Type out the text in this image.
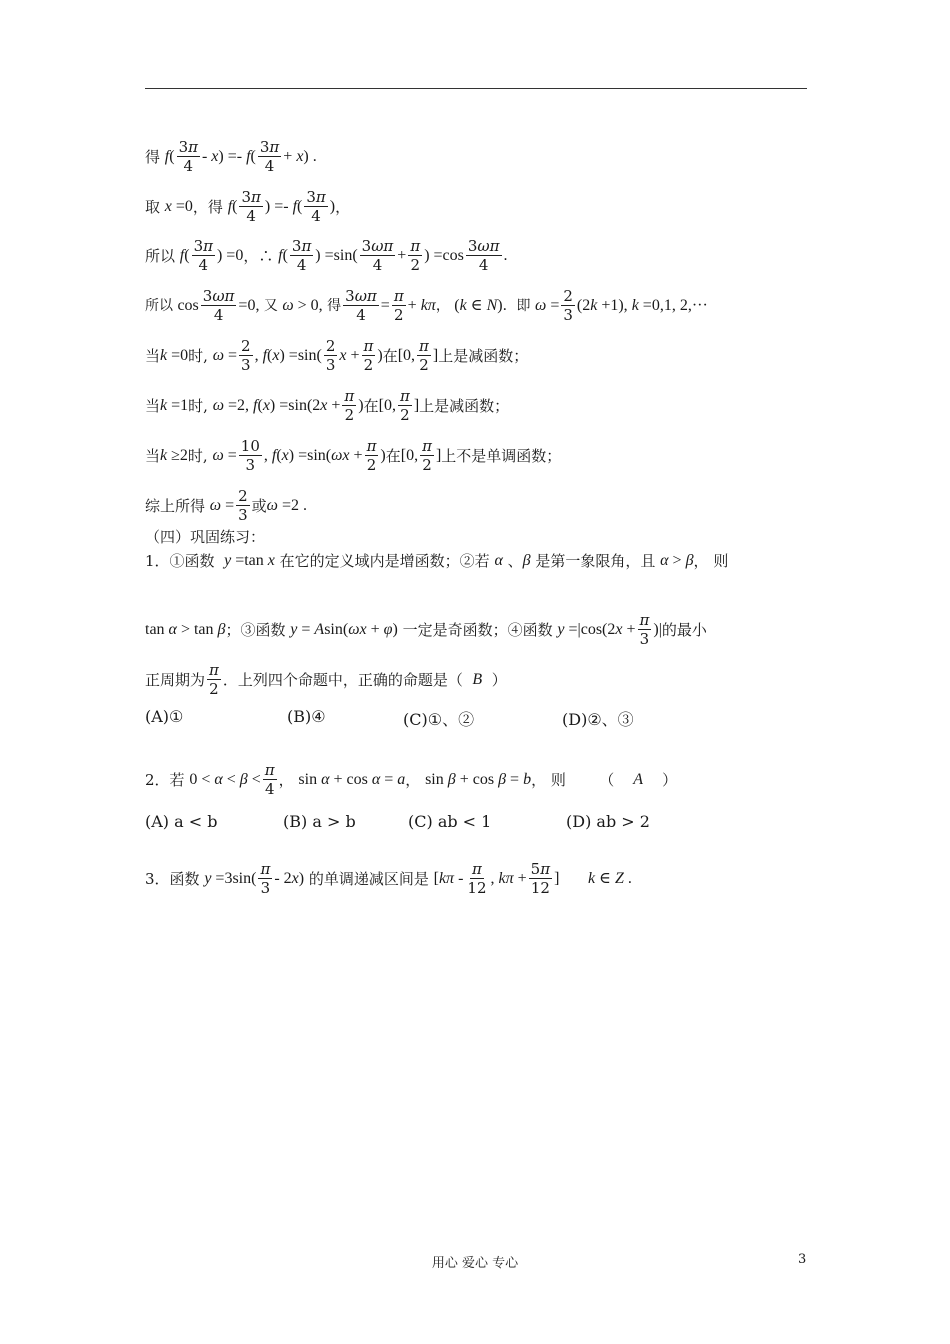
得 $f( \frac{3\pi}{4} - x) =- f( \frac{3\pi}{4} + x)$ .
取 x =0 ，得 $f( \frac{3\pi}{4}$ ) =- $f( \frac{3\pi}{4}$ ) ，
所以 $f( \frac{3\pi}{4}$ ) =0 ，∴ $f( \frac{3\pi}{4}$ ) $=\sin( \frac{3\omega\pi}{4} + \frac{\pi}{2}$ ) $=\cos \frac{3\omega\pi}{4}$ .
所以 $\cos \frac{3\omega\pi}{4} =0$, 又 ω > 0, 得 $\frac{3\omega\pi}{4} = \frac{\pi}{2} + k\pi$ ， (k ∈ N) ．即 $\omega = \frac{2}{3} (2k +1)$, k =0,1, 2,···
当 k =0 时, $\omega = \frac{2}{3}$ , $f(x) =\sin( \frac{2}{3}$ $x + \frac{\pi}{2}$ ) 在 [0, $\frac{\pi}{2}$ ] 上是减函数；
当 k =1 时, ω =2, $f(x) =\sin(2x + \frac{\pi}{2}$ ) 在 [0, $\frac{\pi}{2}$ ] 上是减函数；
当 k ≥2 时, $\omega = \frac{10}{3}$ , $f(x) =\sin(\omega x + \frac{\pi}{2}$ ) 在 [0, $\frac{\pi}{2}$ ] 上不是单调函数；
综上所得 $\omega = \frac{2}{3}$ 或 ω =2 .
（四）巩固练习：
1．①函数 y =tan x 在它的定义域内是增函数；②若 α 、 β 是第一象限角，且 α > β ， 则
tan α > tan β ；③函数 y = Asin(ωx + φ) 一定是奇函数；④函数 $y =|\cos(2x + \frac{\pi}{3}$ )| 的最小
正周期为 $\frac{\pi}{2}$ ．上列四个命题中，正确的命题是（ B ）
(A)①	(B)④	(C)①、②	(D)②、③
2．若 $0 < \alpha < \beta < \frac{\pi}{4}$ ， sin α + cos α = a ， sin β + cos β = b ， 则       （ A ）
(A) a < b	(B) a > b	(C) ab < 1	(D) ab > 2
3．函数 $y =3\sin( \frac{\pi}{3} - 2x)$ 的单调递减区间是 [$k\pi - \frac{\pi}{12}$ , $k\pi + \frac{5\pi}{12}$ ]
k ∈ Z .
用心 爱心 专心	3
